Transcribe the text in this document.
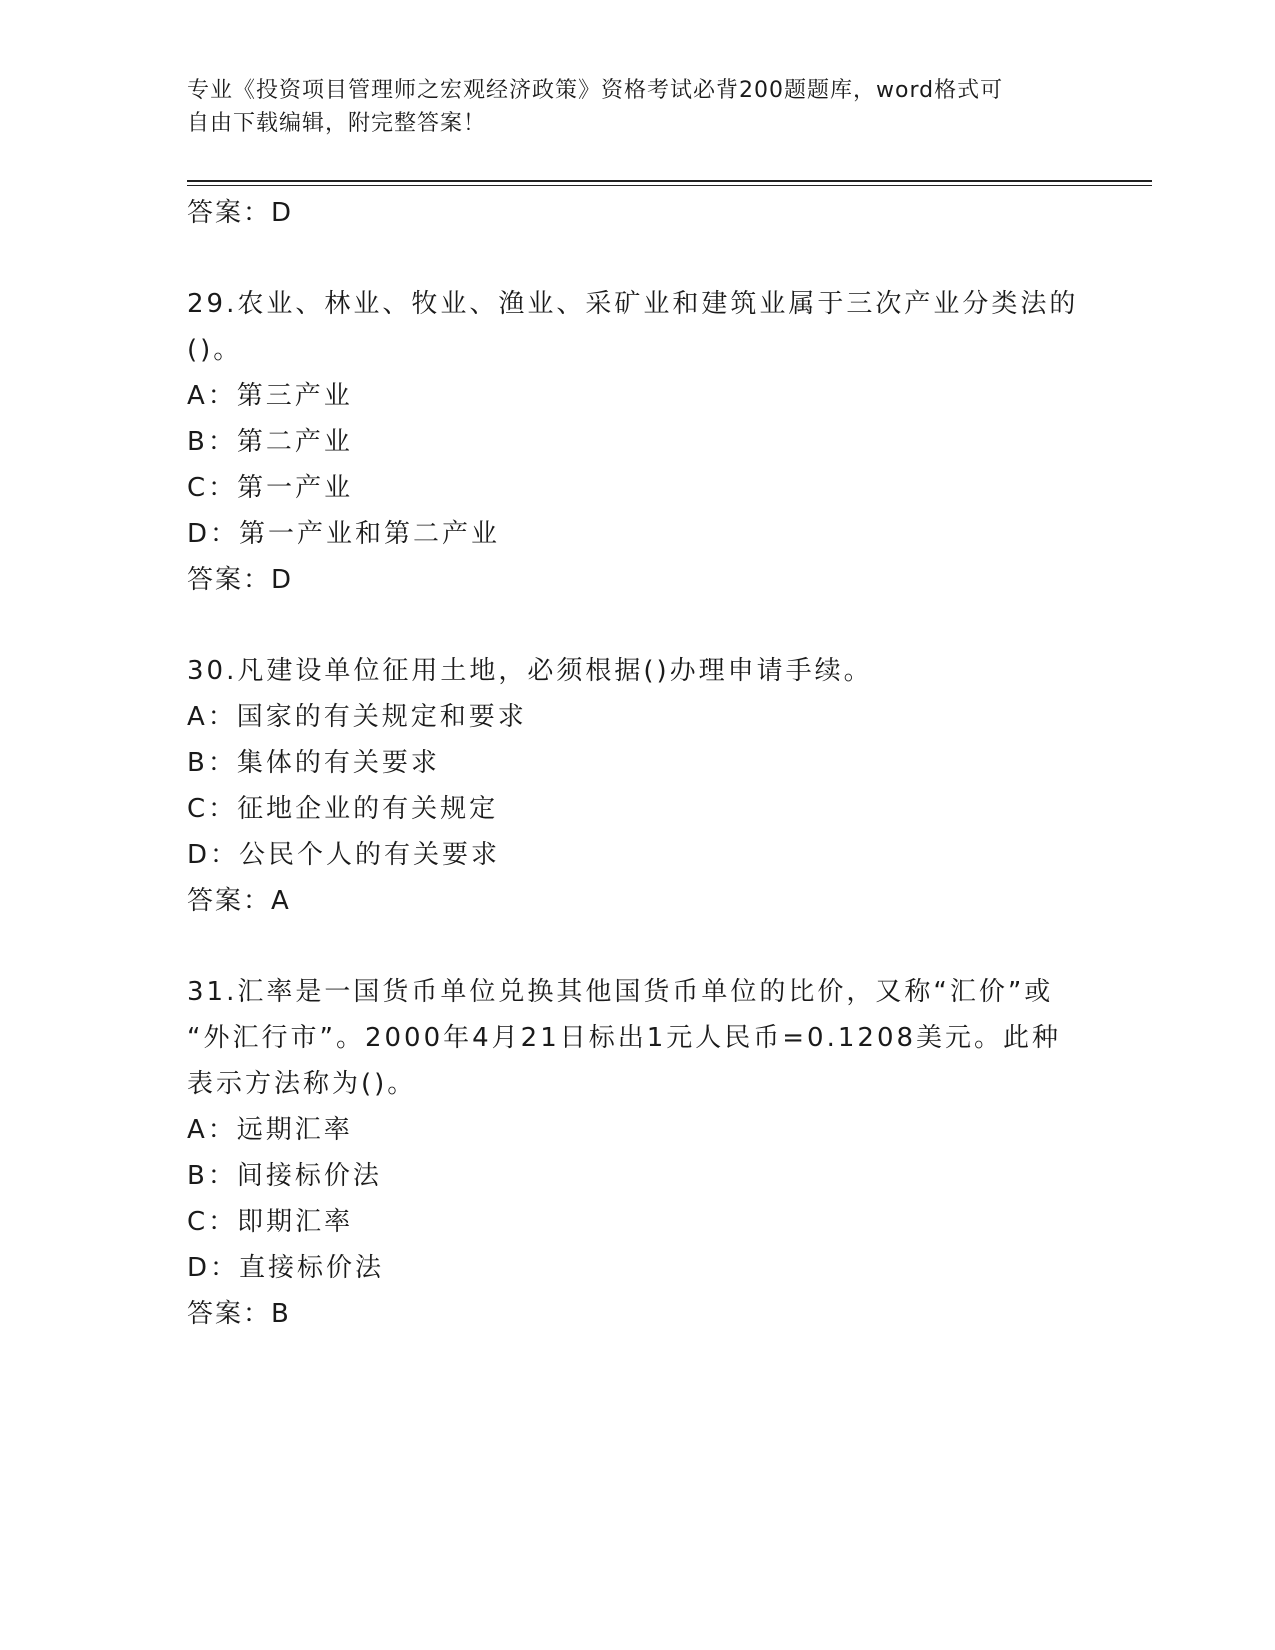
专业《投资项目管理师之宏观经济政策》资格考试必背200题题库，word格式可
自由下载编辑，附完整答案！
答案：D
29.农业、林业、牧业、渔业、采矿业和建筑业属于三次产业分类法的
()。
A：第三产业
B：第二产业
C：第一产业
D：第一产业和第二产业
答案：D
30.凡建设单位征用土地，必须根据()办理申请手续。
A：国家的有关规定和要求
B：集体的有关要求
C：征地企业的有关规定
D：公民个人的有关要求
答案：A
31.汇率是一国货币单位兑换其他国货币单位的比价，又称“汇价”或
“外汇行市”。2000年4月21日标出1元人民币=0.1208美元。此种
表示方法称为()。
A：远期汇率
B：间接标价法
C：即期汇率
D：直接标价法
答案：B
